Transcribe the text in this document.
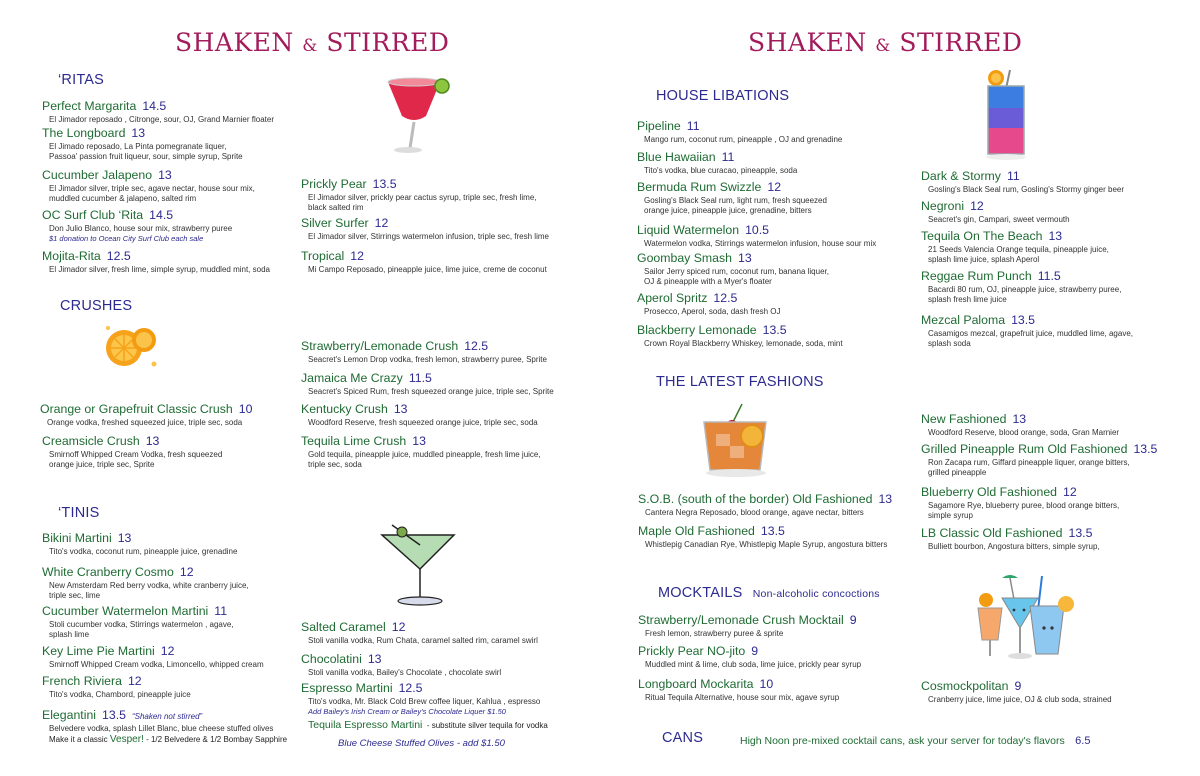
SHAKEN & STIRRED
‘RITAS
CRUSHES
‘TINIS
Perfect Margarita 14.5
El Jimador reposado , Citronge, sour, OJ, Grand Marnier floater
The Longboard 13
El Jimado reposado, La Pinta pomegranate liquer,
Passoa' passion fruit liqueur, sour, simple syrup, Sprite
Cucumber Jalapeno 13
El Jimador silver, triple sec, agave nectar, house sour mix,
muddled cucumber & jalapeno, salted rim
OC Surf Club ‘Rita 14.5
Don Julio Blanco, house sour mix, strawberry puree
$1 donation to Ocean City Surf Club each sale
Mojita-Rita 12.5
El Jimador silver, fresh lime, simple syrup, muddled mint, soda
Prickly Pear 13.5
El Jimador silver, prickly pear cactus syrup, triple sec, fresh lime,
black salted rim
Silver Surfer 12
El Jimador silver, Stirrings watermelon infusion, triple sec, fresh lime
Tropical 12
Mi Campo Reposado, pineapple juice, lime juice, creme de coconut
Orange or Grapefruit Classic Crush 10
Orange vodka, freshed squeezed juice, triple sec, soda
Creamsicle Crush 13
Smirnoff Whipped Cream Vodka, fresh squeezed
orange juice, triple sec, Sprite
Strawberry/Lemonade Crush 12.5
Seacret's Lemon Drop vodka, fresh lemon, strawberry puree, Sprite
Jamaica Me Crazy 11.5
Seacret's Spiced Rum, fresh squeezed orange juice, triple sec, Sprite
Kentucky Crush 13
Woodford Reserve, fresh squeezed orange juice, triple sec, soda
Tequila Lime Crush 13
Gold tequila, pineapple juice, muddled pineapple, fresh lime juice,
triple sec, soda
Bikini Martini 13
Tito's vodka, coconut rum, pineapple juice, grenadine
White Cranberry Cosmo 12
New Amsterdam Red berry vodka, white cranberry juice,
triple sec, lime
Cucumber Watermelon Martini 11
Stoli cucumber vodka, Stirrings watermelon , agave,
splash lime
Key Lime Pie Martini 12
Smirnoff Whipped Cream vodka, Limoncello, whipped cream
French Riviera 12
Tito's vodka, Chambord, pineapple juice
Elegantini 13.5 “Shaken not stirred”
Belvedere vodka, splash Lillet Blanc, blue cheese stuffed olives
Make it a classic Vesper! - 1/2 Belvedere & 1/2 Bombay Sapphire
Salted Caramel 12
Stoli vanilla vodka, Rum Chata, caramel salted rim, caramel swirl
Chocolatini 13
Stoli vanilla vodka, Bailey's Chocolate , chocolate swirl
Espresso Martini 12.5
Tito's vodka, Mr. Black Cold Brew coffee liquer, Kahlua , espresso
Add Bailey's Irish Cream or Bailey's Chocolate Liquer $1.50
Tequila Espresso Martini - substitute silver tequila for vodka
Blue Cheese Stuffed Olives - add $1.50
SHAKEN & STIRRED
HOUSE LIBATIONS
THE LATEST FASHIONS
MOCKTAILS Non-alcoholic concoctions
CANS	High Noon pre-mixed cocktail cans, ask your server for today's flavors 6.5
Pipeline 11
Mango rum, coconut rum, pineapple , OJ and grenadine
Blue Hawaiian 11
Tito's vodka, blue curacao, pineapple, soda
Bermuda Rum Swizzle 12
Gosling's Black Seal rum, light rum, fresh squeezed
orange juice, pineapple juice, grenadine, bitters
Liquid Watermelon 10.5
Watermelon vodka, Stirrings watermelon infusion, house sour mix
Goombay Smash 13
Sailor Jerry spiced rum, coconut rum, banana liquer,
OJ & pineapple with a Myer's floater
Aperol Spritz 12.5
Prosecco, Aperol, soda, dash fresh OJ
Blackberry Lemonade 13.5
Crown Royal Blackberry Whiskey, lemonade, soda, mint
Dark & Stormy 11
Gosling's Black Seal rum, Gosling's Stormy ginger beer
Negroni 12
Seacret's gin, Campari, sweet vermouth
Tequila On The Beach 13
21 Seeds Valencia Orange tequila, pineapple juice,
splash lime juice, splash Aperol
Reggae Rum Punch 11.5
Bacardi 80 rum, OJ, pineapple juice, strawberry puree,
splash fresh lime juice
Mezcal Paloma 13.5
Casamigos mezcal, grapefruit juice, muddled lime, agave,
splash soda
S.O.B. (south of the border) Old Fashioned 13
Cantera Negra Reposado, blood orange, agave nectar, bitters
Maple Old Fashioned 13.5
Whistlepig Canadian Rye, Whistlepig Maple Syrup, angostura bitters
New Fashioned 13
Woodford Reserve, blood orange, soda, Gran Marnier
Grilled Pineapple Rum Old Fashioned 13.5
Ron Zacapa rum, Giffard pineapple liquer, orange bitters,
grilled pineapple
Blueberry Old Fashioned 12
Sagamore Rye, blueberry puree, blood orange bitters,
simple syrup
LB Classic Old Fashioned 13.5
Bulliett bourbon, Angostura bitters, simple syrup,
Strawberry/Lemonade Crush Mocktail 9
Fresh lemon, strawberry puree & sprite
Prickly Pear NO-jito 9
Muddled mint & lime, club soda, lime juice, prickly pear syrup
Longboard Mockarita 10
Ritual Tequila Alternative, house sour mix, agave syrup
Cosmockpolitan 9
Cranberry juice, lime juice, OJ & club soda, strained
